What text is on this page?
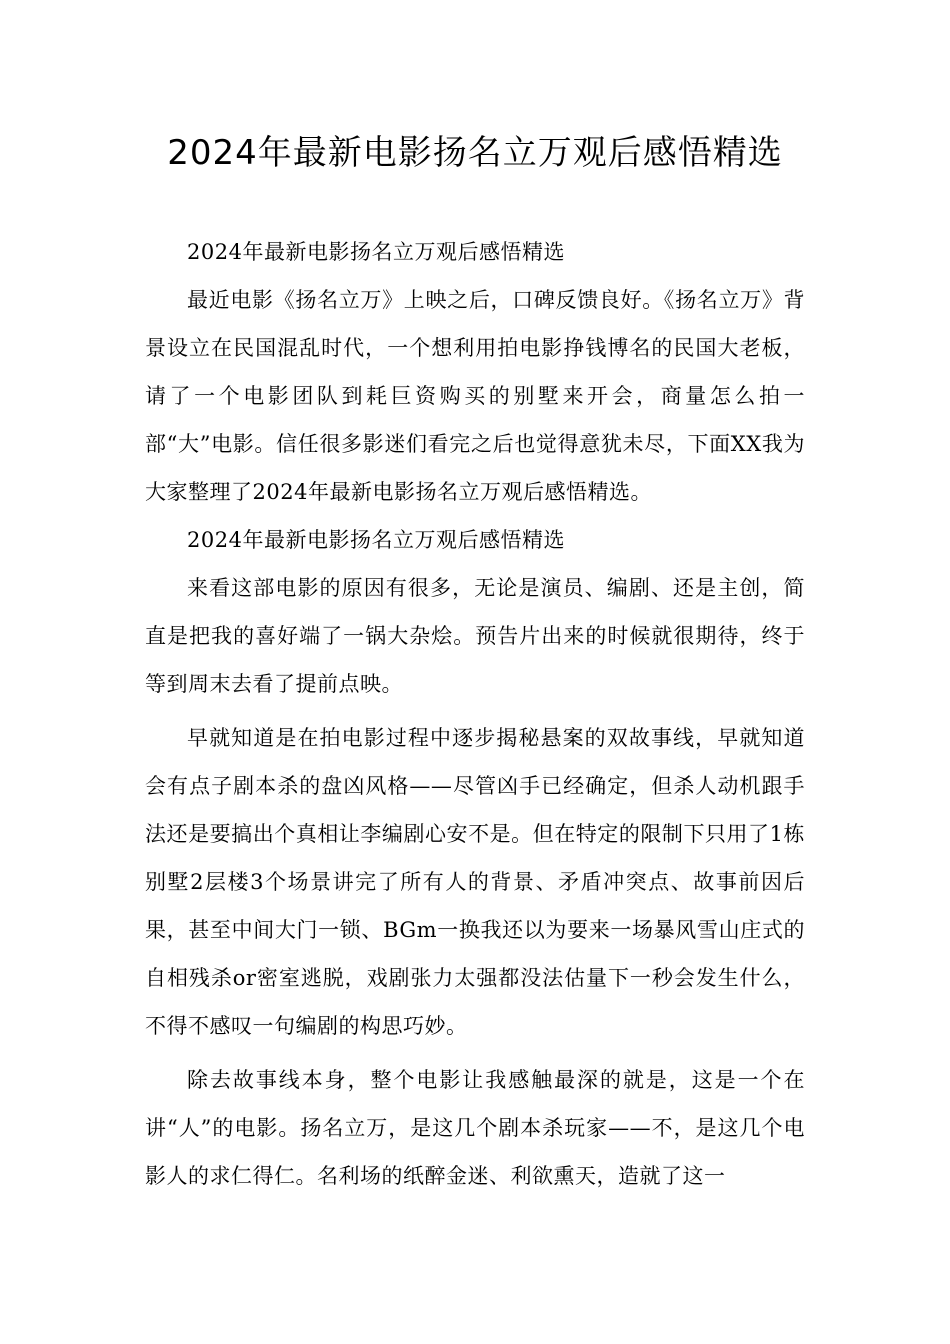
2024年最新电影扬名立万观后感悟精选

2024年最新电影扬名立万观后感悟精选

最近电影《扬名立万》上映之后，口碑反馈良好。《扬名立万》背景设立在民国混乱时代，一个想利用拍电影挣钱博名的民国大老板，请了一个电影团队到耗巨资购买的别墅来开会，商量怎么拍一部“大”电影。信任很多影迷们看完之后也觉得意犹未尽，下面XX我为大家整理了2024年最新电影扬名立万观后感悟精选。

2024年最新电影扬名立万观后感悟精选

来看这部电影的原因有很多，无论是演员、编剧、还是主创，简直是把我的喜好端了一锅大杂烩。预告片出来的时候就很期待，终于等到周末去看了提前点映。

早就知道是在拍电影过程中逐步揭秘悬案的双故事线，早就知道会有点子剧本杀的盘凶风格——尽管凶手已经确定，但杀人动机跟手法还是要搞出个真相让李编剧心安不是。但在特定的限制下只用了1栋别墅2层楼3个场景讲完了所有人的背景、矛盾冲突点、故事前因后果，甚至中间大门一锁、BGm一换我还以为要来一场暴风雪山庄式的自相残杀or密室逃脱，戏剧张力太强都没法估量下一秒会发生什么，不得不感叹一句编剧的构思巧妙。

除去故事线本身，整个电影让我感触最深的就是，这是一个在讲“人”的电影。扬名立万，是这几个剧本杀玩家——不，是这几个电影人的求仁得仁。名利场的纸醉金迷、利欲熏天，造就了这一
